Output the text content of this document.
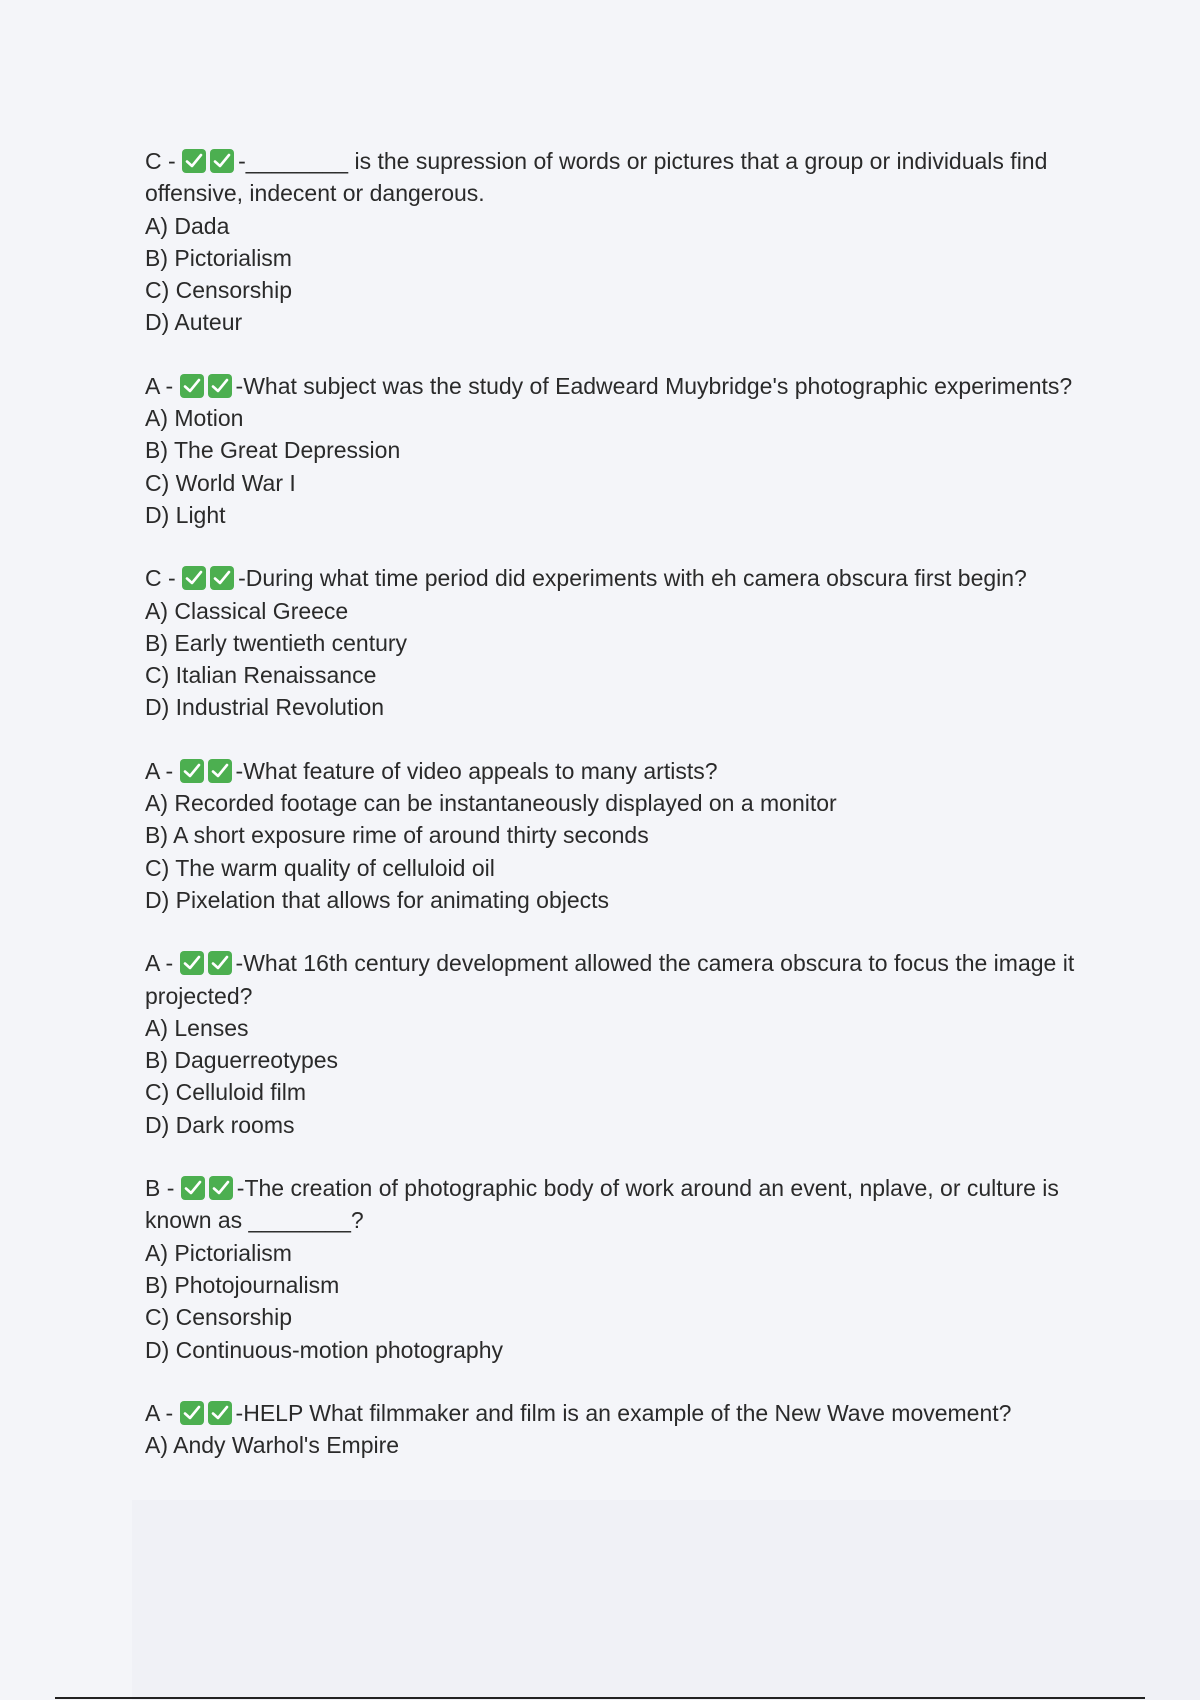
C -
-________ is the supression of words or pictures that a group or individuals find offensive, indecent or dangerous.

A) Dada
B) Pictorialism
C) Censorship
D) Auteur

A -
-What subject was the study of Eadweard Muybridge's photographic experiments?

A) Motion
B) The Great Depression
C) World War I
D) Light

C -
-During what time period did experiments with eh camera obscura first begin?

A) Classical Greece
B) Early twentieth century
C) Italian Renaissance
D) Industrial Revolution

A -
-What feature of video appeals to many artists?

A) Recorded footage can be instantaneously displayed on a monitor
B) A short exposure rime of around thirty seconds
C) The warm quality of celluloid oil
D) Pixelation that allows for animating objects

A -
-What 16th century development allowed the camera obscura to focus the image it projected?

A) Lenses
B) Daguerreotypes
C) Celluloid film
D) Dark rooms

B -
-The creation of photographic body of work around an event, nplave, or culture is known as ________?

A) Pictorialism
B) Photojournalism
C) Censorship
D) Continuous-motion photography

A -
-HELP What filmmaker and film is an example of the New Wave movement?

A) Andy Warhol's Empire
